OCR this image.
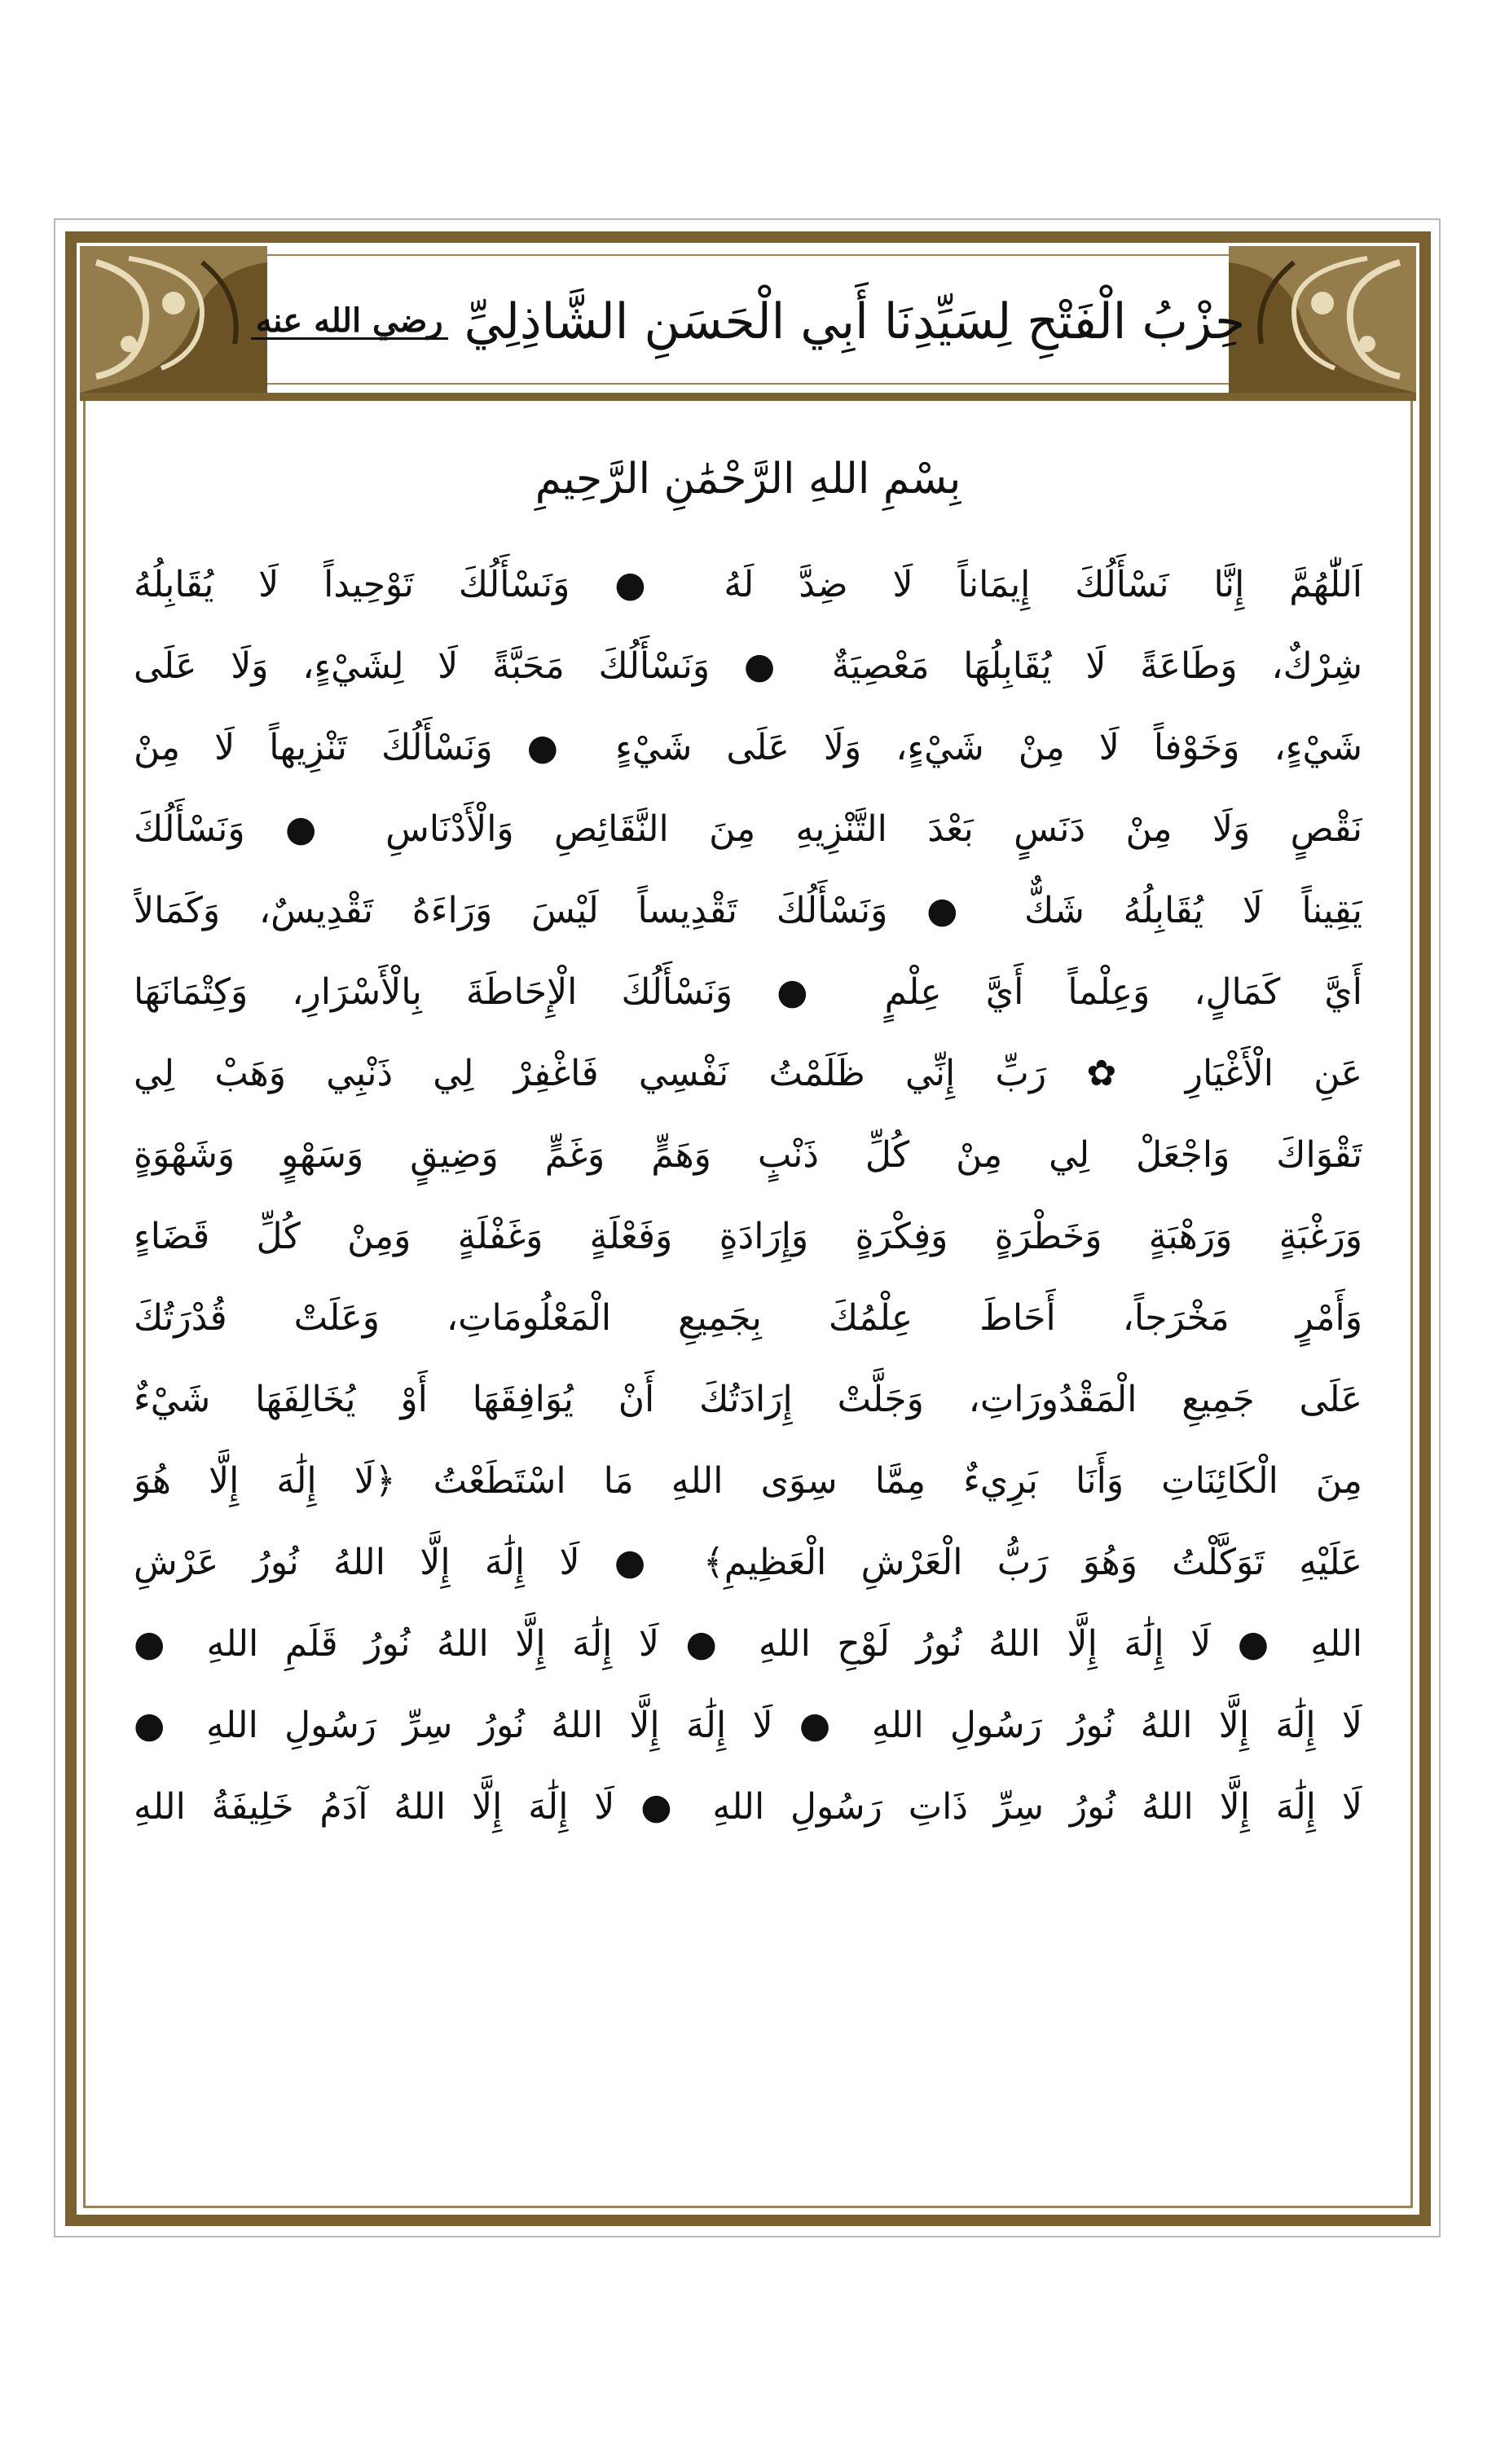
حِزْبُ الْفَتْحِ لِسَيِّدِنَا أَبِي الْحَسَنِ الشَّاذِلِيِّ
رضي الله عنه
بِسْمِ اللهِ الرَّحْمَٰنِ الرَّحِيمِ
اَللّٰهُمَّ إِنَّا نَسْأَلُكَ إِيمَاناً لَا ضِدَّ لَهُ ● وَنَسْأَلُكَ تَوْحِيداً لَا يُقَابِلُهُ
شِرْكٌ، وَطَاعَةً لَا يُقَابِلُهَا مَعْصِيَةٌ ● وَنَسْأَلُكَ مَحَبَّةً لَا لِشَيْءٍ، وَلَا عَلَى
شَيْءٍ، وَخَوْفاً لَا مِنْ شَيْءٍ، وَلَا عَلَى شَيْءٍ ● وَنَسْأَلُكَ تَنْزِيهاً لَا مِنْ
نَقْصٍ وَلَا مِنْ دَنَسٍ بَعْدَ التَّنْزِيهِ مِنَ النَّقَائِصِ وَالْأَدْنَاسِ ● وَنَسْأَلُكَ
يَقِيناً لَا يُقَابِلُهُ شَكٌّ ● وَنَسْأَلُكَ تَقْدِيساً لَيْسَ وَرَاءَهُ تَقْدِيسٌ، وَكَمَالاً
أَيَّ كَمَالٍ، وَعِلْماً أَيَّ عِلْمٍ ● وَنَسْأَلُكَ الْإِحَاطَةَ بِالْأَسْرَارِ، وَكِتْمَانَهَا
عَنِ الْأَغْيَارِ ✿ رَبِّ إِنِّي ظَلَمْتُ نَفْسِي فَاغْفِرْ لِي ذَنْبِي وَهَبْ لِي
تَقْوَاكَ وَاجْعَلْ لِي مِنْ كُلِّ ذَنْبٍ وَهَمٍّ وَغَمٍّ وَضِيقٍ وَسَهْوٍ وَشَهْوَةٍ
وَرَغْبَةٍ وَرَهْبَةٍ وَخَطْرَةٍ وَفِكْرَةٍ وَإِرَادَةٍ وَفَعْلَةٍ وَغَفْلَةٍ وَمِنْ كُلِّ قَضَاءٍ
وَأَمْرٍ مَخْرَجاً، أَحَاطَ عِلْمُكَ بِجَمِيعِ الْمَعْلُومَاتِ، وَعَلَتْ قُدْرَتُكَ
عَلَى جَمِيعِ الْمَقْدُورَاتِ، وَجَلَّتْ إِرَادَتُكَ أَنْ يُوَافِقَهَا أَوْ يُخَالِفَهَا شَيْءٌ
مِنَ الْكَائِنَاتِ وَأَنَا بَرِيءٌ مِمَّا سِوَى اللهِ مَا اسْتَطَعْتُ ﴿لَا إِلَٰهَ إِلَّا هُوَ
عَلَيْهِ تَوَكَّلْتُ وَهُوَ رَبُّ الْعَرْشِ الْعَظِيمِ﴾ ● لَا إِلَٰهَ إِلَّا اللهُ نُورُ عَرْشِ
اللهِ ● لَا إِلَٰهَ إِلَّا اللهُ نُورُ لَوْحِ اللهِ ● لَا إِلَٰهَ إِلَّا اللهُ نُورُ قَلَمِ اللهِ ●
لَا إِلَٰهَ إِلَّا اللهُ نُورُ رَسُولِ اللهِ ● لَا إِلَٰهَ إِلَّا اللهُ نُورُ سِرِّ رَسُولِ اللهِ ●
لَا إِلَٰهَ إِلَّا اللهُ نُورُ سِرِّ ذَاتِ رَسُولِ اللهِ ● لَا إِلَٰهَ إِلَّا اللهُ آدَمُ خَلِيفَةُ اللهِ
